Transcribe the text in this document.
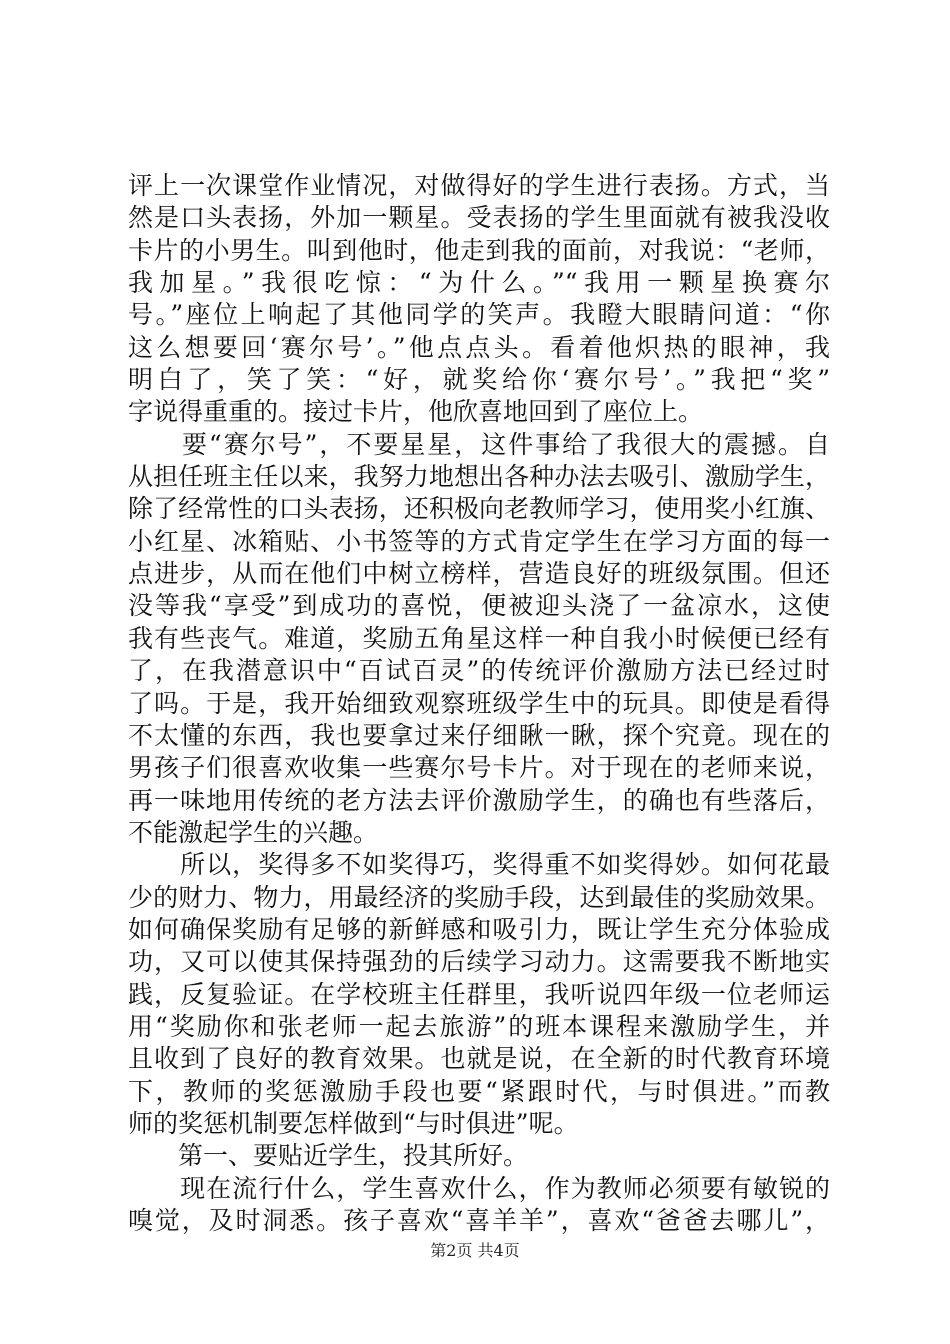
评上一次课堂作业情况，对做得好的学生进行表扬。方式，当
然是口头表扬，外加一颗星。受表扬的学生里面就有被我没收
卡片的小男生。叫到他时，他走到我的面前，对我说：“老师，
我加星。”我很吃惊：“为什么。”“我用一颗星换赛尔
号。”座位上响起了其他同学的笑声。我瞪大眼睛问道：“你
这么想要回‘赛尔号’。”他点点头。看着他炽热的眼神，我
明白了，笑了笑：“好，就奖给你‘赛尔号’。”我把“奖”
字说得重重的。接过卡片，他欣喜地回到了座位上。
　　要“赛尔号”，不要星星，这件事给了我很大的震撼。自
从担任班主任以来，我努力地想出各种办法去吸引、激励学生，
除了经常性的口头表扬，还积极向老教师学习，使用奖小红旗、
小红星、冰箱贴、小书签等的方式肯定学生在学习方面的每一
点进步，从而在他们中树立榜样，营造良好的班级氛围。但还
没等我“享受”到成功的喜悦，便被迎头浇了一盆凉水，这使
我有些丧气。难道，奖励五角星这样一种自我小时候便已经有
了，在我潜意识中“百试百灵”的传统评价激励方法已经过时
了吗。于是，我开始细致观察班级学生中的玩具。即使是看得
不太懂的东西，我也要拿过来仔细瞅一瞅，探个究竟。现在的
男孩子们很喜欢收集一些赛尔号卡片。对于现在的老师来说，
再一味地用传统的老方法去评价激励学生，的确也有些落后，
不能激起学生的兴趣。
　　所以，奖得多不如奖得巧，奖得重不如奖得妙。如何花最
少的财力、物力，用最经济的奖励手段，达到最佳的奖励效果。
如何确保奖励有足够的新鲜感和吸引力，既让学生充分体验成
功，又可以使其保持强劲的后续学习动力。这需要我不断地实
践，反复验证。在学校班主任群里，我听说四年级一位老师运
用“奖励你和张老师一起去旅游”的班本课程来激励学生，并
且收到了良好的教育效果。也就是说，在全新的时代教育环境
下，教师的奖惩激励手段也要“紧跟时代，与时俱进。”而教
师的奖惩机制要怎样做到“与时俱进”呢。
　　第一、要贴近学生，投其所好。
　　现在流行什么，学生喜欢什么，作为教师必须要有敏锐的
嗅觉，及时洞悉。孩子喜欢“喜羊羊”，喜欢“爸爸去哪儿”，
第2页 共4页
